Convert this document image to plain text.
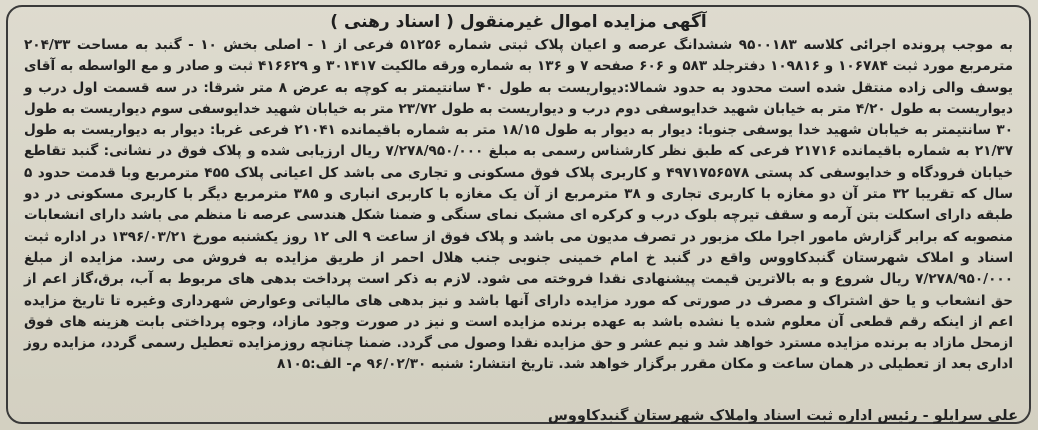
آگهی مزایده اموال غیرمنقول ( اسناد رهنی )

به موجب پرونده اجرائی کلاسه ۹۵۰۰۱۸۳ ششدانگ عرصه و اعیان پلاک ثبتی شماره ۵۱۲۵۶ فرعی از ۱ - اصلی بخش ۱۰ - گنبد به مساحت ۲۰۴/۳۳ مترمربع مورد ثبت ۱۰۶۷۸۴ و ۱۰۹۸۱۶ دفترجلد ۵۸۳ و ۶۰۶ صفحه ۷ و ۱۳۶ به شماره ورقه مالکیت ۳۰۱۴۱۷ و ۴۱۶۶۲۹ ثبت و صادر و مع الواسطه به آقای یوسف والی زاده منتقل شده است محدود به حدود شمالا:دیواریست به طول ۴۰ سانتیمتر به کوچه به عرض ۸ متر شرقا: در سه قسمت اول درب و دیواریست به طول ۴/۲۰ متر به خیابان شهید خدایوسفی دوم درب و دیواریست به طول ۲۳/۷۲ متر به خیابان شهید خدایوسفی سوم دیواریست به طول ۳۰ سانتیمتر به خیابان شهید خدا یوسفی جنوبا: دیوار به دیوار به طول ۱۸/۱۵ متر به شماره باقیمانده ۲۱۰۴۱ فرعی غربا: دیوار به دیواریست به طول ۲۱/۳۷ به شماره باقیمانده ۲۱۷۱۶ فرعی که طبق نظر کارشناس رسمی به مبلغ ۷/۲۷۸/۹۵۰/۰۰۰ ریال ارزیابی شده و پلاک فوق در نشانی: گنبد تقاطع خیابان فرودگاه و خدایوسفی کد پستی ۴۹۷۱۷۵۶۵۷۸ و کاربری پلاک فوق مسکونی و تجاری می باشد کل اعیانی پلاک ۴۵۵ مترمربع وبا قدمت حدود ۵ سال که تقریبا ۳۲ متر آن دو مغازه با کاربری تجاری و ۳۸ مترمربع از آن یک مغازه با کاربری انباری و ۳۸۵ مترمربع دیگر با کاربری مسکونی در دو طبقه دارای اسکلت بتن آرمه و سقف تیرچه بلوک درب و کرکره ای مشبک نمای سنگی و ضمنا شکل هندسی عرصه نا منظم می باشد دارای انشعابات منصوبه که برابر گزارش مامور اجرا ملک مزبور در تصرف مدیون می باشد و پلاک فوق از ساعت ۹ الی ۱۲ روز یکشنبه مورخ ۱۳۹۶/۰۳/۲۱ در اداره ثبت اسناد و املاک شهرستان گنبدکاووس واقع در گنبد خ امام خمینی جنوبی جنب هلال احمر از طریق مزایده به فروش می رسد. مزایده از مبلغ ۷/۲۷۸/۹۵۰/۰۰۰ ریال شروع و به بالاترین قیمت پیشنهادی نقدا فروخته می شود. لازم به ذکر است پرداخت بدهی های مربوط به آب، برق،گاز اعم از حق انشعاب و یا حق اشتراک و مصرف در صورتی که مورد مزایده دارای آنها باشد و نیز بدهی های مالیاتی وعوارض شهرداری وغیره تا تاریخ مزایده اعم از اینکه رقم قطعی آن معلوم شده یا نشده باشد به عهده برنده مزایده است و نیز در صورت وجود مازاد، وجوه پرداختی بابت هزینه های فوق ازمحل مازاد به برنده مزایده مسترد خواهد شد و نیم عشر و حق مزایده نقدا وصول می گردد. ضمنا چنانچه روزمزایده تعطیل رسمی گردد، مزایده روز اداری بعد از تعطیلی در همان ساعت و مکان مقرر برگزار خواهد شد. تاریخ انتشار: شنبه ۹۶/۰۲/۳۰ م- الف:۸۱۰۵

علی سرایلو - رئیس اداره ثبت اسناد واملاک شهرستان گنبدکاووس
